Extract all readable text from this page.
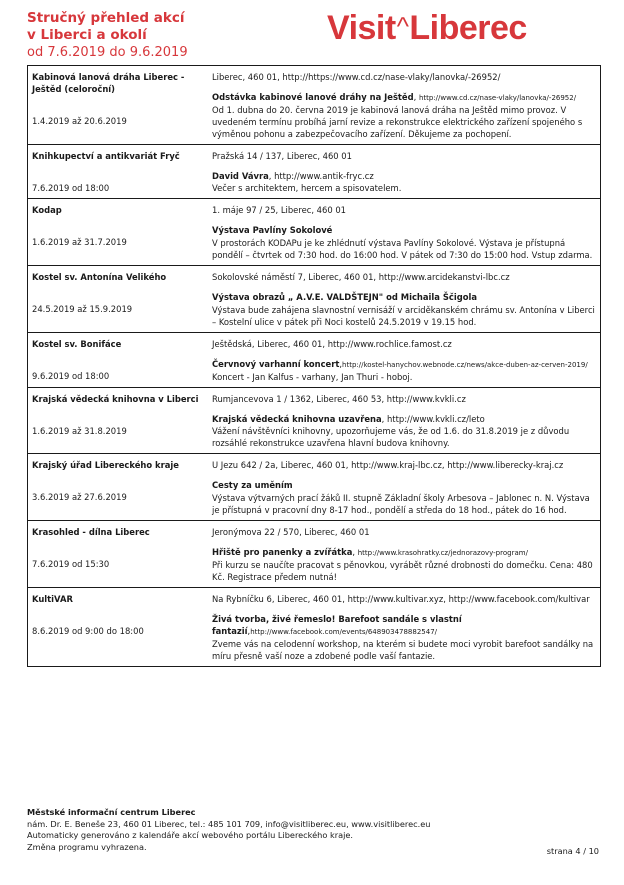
Stručný přehled akcí
v Liberci a okolí
od 7.6.2019 do 9.6.2019
Visit^Liberec
Kabinová lanová dráha Liberec - Ještěd (celoroční)
1.4.2019 až 20.6.2019
Liberec, 460 01, http://https://www.cd.cz/nase-vlaky/lanovka/-26952/
Odstávka kabinové lanové dráhy na Ještěd, http://www.cd.cz/nase-vlaky/lanovka/-26952/
Od 1. dubna do 20. června 2019 je kabinová lanová dráha na Ještěd mimo provoz. V uvedeném termínu probíhá jarní revize a rekonstrukce elektrického zařízení spojeného s výměnou pohonu a zabezpečovacího zařízení. Děkujeme za pochopení.
Knihkupectví a antikvariát Fryč
7.6.2019 od 18:00
Pražská 14 / 137, Liberec, 460 01
David Vávra, http://www.antik-fryc.cz
Večer s architektem, hercem a spisovatelem.
Kodap
1.6.2019 až 31.7.2019
1. máje 97 / 25, Liberec, 460 01
Výstava Pavlíny Sokolové
V prostorách KODAPu je ke zhlédnutí výstava Pavlíny Sokolové. Výstava je přístupná pondělí – čtvrtek od 7:30 hod. do 16:00 hod. V pátek od 7:30 do 15:00 hod. Vstup zdarma.
Kostel sv. Antonína Velikého
24.5.2019 až 15.9.2019
Sokolovské náměstí 7, Liberec, 460 01, http://www.arcidekanstvi-lbc.cz
Výstava obrazů „ A.V.E. VALDŠTEJN" od Michaila Ščigola
Výstava bude zahájena slavnostní vernisáží v arciděkanském chrámu sv. Antonína v Liberci – Kostelní ulice v pátek při Noci kostelů 24.5.2019 v 19.15 hod.
Kostel sv. Bonifáce
9.6.2019 od 18:00
Ještědská, Liberec, 460 01, http://www.rochlice.famost.cz
Červnový varhanní koncert,http://kostel-hanychov.webnode.cz/news/akce-duben-az-cerven-2019/
Koncert - Jan Kalfus - varhany, Jan Thuri - hoboj.
Krajská vědecká knihovna v Liberci
1.6.2019 až 31.8.2019
Rumjancevova 1 / 1362, Liberec, 460 53, http://www.kvkli.cz
Krajská vědecká knihovna uzavřena, http://www.kvkli.cz/leto
Vážení návštěvníci knihovny, upozorňujeme vás, že od 1.6. do 31.8.2019 je z důvodu rozsáhlé rekonstrukce uzavřena hlavní budova knihovny.
Krajský úřad Libereckého kraje
3.6.2019 až 27.6.2019
U Jezu 642 / 2a, Liberec, 460 01, http://www.kraj-lbc.cz, http://www.liberecky-kraj.cz
Cesty za uměním
Výstava výtvarných prací žáků II. stupně Základní školy Arbesova – Jablonec n. N. Výstava je přístupná v pracovní dny 8-17 hod., pondělí a středa do 18 hod., pátek do 16 hod.
Krasohled - dílna Liberec
7.6.2019 od 15:30
Jeronýmova 22 / 570, Liberec, 460 01
Hřiště pro panenky a zvířátka, http://www.krasohratky.cz/jednorazovy-program/
Při kurzu se naučíte pracovat s pěnovkou, vyrábět různé drobnosti do domečku. Cena: 480 Kč. Registrace předem nutná!
KultiVAR
8.6.2019 od 9:00 do 18:00
Na Rybníčku 6, Liberec, 460 01, http://www.kultivar.xyz, http://www.facebook.com/kultivar
Živá tvorba, živé řemeslo! Barefoot sandále s vlastní fantazií,http://www.facebook.com/events/648903478882547/
Zveme vás na celodenní workshop, na kterém si budete moci vyrobit barefoot sandálky na míru přesně vaší noze a zdobené podle vaší fantazie.
Městské informační centrum Liberec
nám. Dr. E. Beneše 23, 460 01 Liberec, tel.: 485 101 709, info@visitliberec.eu, www.visitliberec.eu
Automaticky generováno z kalendáře akcí webového portálu Libereckého kraje.
Změna programu vyhrazena.	strana 4 / 10
